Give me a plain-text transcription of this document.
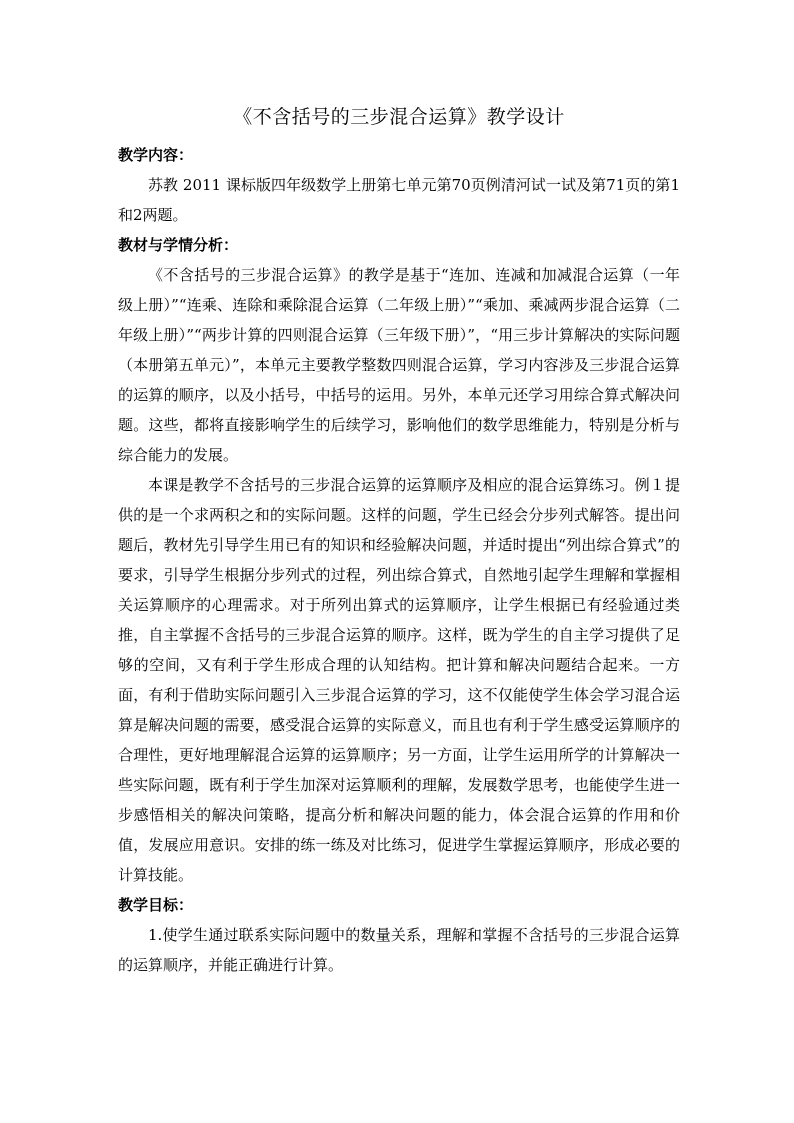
《不含括号的三步混合运算》教学设计

教学内容：

苏教 2011 课标版四年级数学上册第七单元第70页例清河试一试及第71页的第1和2两题。

教材与学情分析：

《不含括号的三步混合运算》的教学是基于“连加、连减和加减混合运算（一年级上册）”“连乘、连除和乘除混合运算（二年级上册）”“乘加、乘减两步混合运算（二年级上册）”“两步计算的四则混合运算（三年级下册）”，“用三步计算解决的实际问题（本册第五单元）”，本单元主要教学整数四则混合运算，学习内容涉及三步混合运算的运算的顺序，以及小括号，中括号的运用。另外，本单元还学习用综合算式解决问题。这些，都将直接影响学生的后续学习，影响他们的数学思维能力，特别是分析与综合能力的发展。

本课是教学不含括号的三步混合运算的运算顺序及相应的混合运算练习。例１提供的是一个求两积之和的实际问题。这样的问题，学生已经会分步列式解答。提出问题后，教材先引导学生用已有的知识和经验解决问题，并适时提出“列出综合算式”的要求，引导学生根据分步列式的过程，列出综合算式，自然地引起学生理解和掌握相关运算顺序的心理需求。对于所列出算式的运算顺序，让学生根据已有经验通过类推，自主掌握不含括号的三步混合运算的顺序。这样，既为学生的自主学习提供了足够的空间，又有利于学生形成合理的认知结构。把计算和解决问题结合起来。一方面，有利于借助实际问题引入三步混合运算的学习，这不仅能使学生体会学习混合运算是解决问题的需要，感受混合运算的实际意义，而且也有利于学生感受运算顺序的合理性，更好地理解混合运算的运算顺序；另一方面，让学生运用所学的计算解决一些实际问题，既有利于学生加深对运算顺利的理解，发展数学思考，也能使学生进一步感悟相关的解决问策略，提高分析和解决问题的能力，体会混合运算的作用和价值，发展应用意识。安排的练一练及对比练习，促进学生掌握运算顺序，形成必要的计算技能。

教学目标：

1.使学生通过联系实际问题中的数量关系，理解和掌握不含括号的三步混合运算的运算顺序，并能正确进行计算。
